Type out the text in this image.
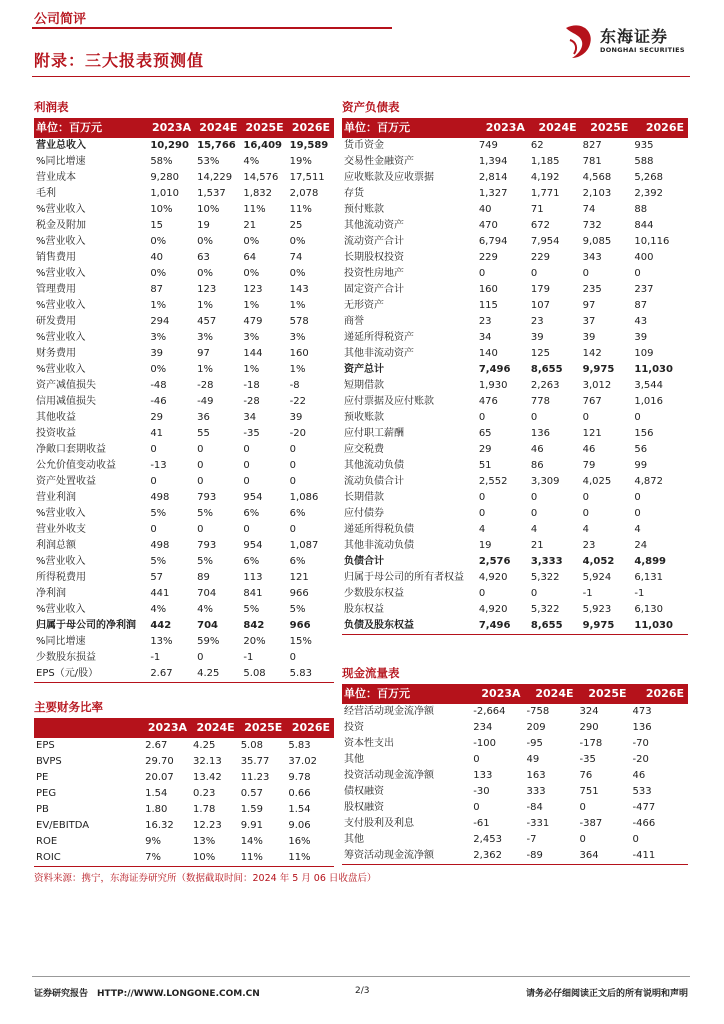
公司简评
附录：三大报表预测值
东海证券
DONGHAI SECURITIES
利润表
单位：百万元	2023A	2024E	2025E	2026E
营业总收入	10,290	15,766	16,409	19,589
%同比增速	58%	53%	4%	19%
营业成本	9,280	14,229	14,576	17,511
毛利	1,010	1,537	1,832	2,078
%营业收入	10%	10%	11%	11%
税金及附加	15	19	21	25
%营业收入	0%	0%	0%	0%
销售费用	40	63	64	74
%营业收入	0%	0%	0%	0%
管理费用	87	123	123	143
%营业收入	1%	1%	1%	1%
研发费用	294	457	479	578
%营业收入	3%	3%	3%	3%
财务费用	39	97	144	160
%营业收入	0%	1%	1%	1%
资产减值损失	-48	-28	-18	-8
信用减值损失	-46	-49	-28	-22
其他收益	29	36	34	39
投资收益	41	55	-35	-20
净敞口套期收益	0	0	0	0
公允价值变动收益	-13	0	0	0
资产处置收益	0	0	0	0
营业利润	498	793	954	1,086
%营业收入	5%	5%	6%	6%
营业外收支	0	0	0	0
利润总额	498	793	954	1,087
%营业收入	5%	5%	6%	6%
所得税费用	57	89	113	121
净利润	441	704	841	966
%营业收入	4%	4%	5%	5%
归属于母公司的净利润	442	704	842	966
%同比增速	13%	59%	20%	15%
少数股东损益	-1	0	-1	0
EPS（元/股）	2.67	4.25	5.08	5.83
主要财务比率
	2023A	2024E	2025E	2026E
EPS	2.67	4.25	5.08	5.83
BVPS	29.70	32.13	35.77	37.02
PE	20.07	13.42	11.23	9.78
PEG	1.54	0.23	0.57	0.66
PB	1.80	1.78	1.59	1.54
EV/EBITDA	16.32	12.23	9.91	9.06
ROE	9%	13%	14%	16%
ROIC	7%	10%	11%	11%
资产负债表
单位：百万元	2023A	2024E	2025E	2026E
货币资金	749	62	827	935
交易性金融资产	1,394	1,185	781	588
应收账款及应收票据	2,814	4,192	4,568	5,268
存货	1,327	1,771	2,103	2,392
预付账款	40	71	74	88
其他流动资产	470	672	732	844
流动资产合计	6,794	7,954	9,085	10,116
长期股权投资	229	229	343	400
投资性房地产	0	0	0	0
固定资产合计	160	179	235	237
无形资产	115	107	97	87
商誉	23	23	37	43
递延所得税资产	34	39	39	39
其他非流动资产	140	125	142	109
资产总计	7,496	8,655	9,975	11,030
短期借款	1,930	2,263	3,012	3,544
应付票据及应付账款	476	778	767	1,016
预收账款	0	0	0	0
应付职工薪酬	65	136	121	156
应交税费	29	46	46	56
其他流动负债	51	86	79	99
流动负债合计	2,552	3,309	4,025	4,872
长期借款	0	0	0	0
应付债券	0	0	0	0
递延所得税负债	4	4	4	4
其他非流动负债	19	21	23	24
负债合计	2,576	3,333	4,052	4,899
归属于母公司的所有者权益	4,920	5,322	5,924	6,131
少数股东权益	0	0	-1	-1
股东权益	4,920	5,322	5,923	6,130
负债及股东权益	7,496	8,655	9,975	11,030
现金流量表
单位：百万元	2023A	2024E	2025E	2026E
经营活动现金流净额	-2,664	-758	324	473
投资	234	209	290	136
资本性支出	-100	-95	-178	-70
其他	0	49	-35	-20
投资活动现金流净额	133	163	76	46
债权融资	-30	333	751	533
股权融资	0	-84	0	-477
支付股利及利息	-61	-331	-387	-466
其他	2,453	-7	0	0
筹资活动现金流净额	2,362	-89	364	-411
资料来源：携宁，东海证券研究所（数据截取时间：2024 年 5 月 06 日收盘后）
证券研究报告　HTTP://WWW.LONGONE.COM.CN	2/3	请务必仔细阅读正文后的所有说明和声明
